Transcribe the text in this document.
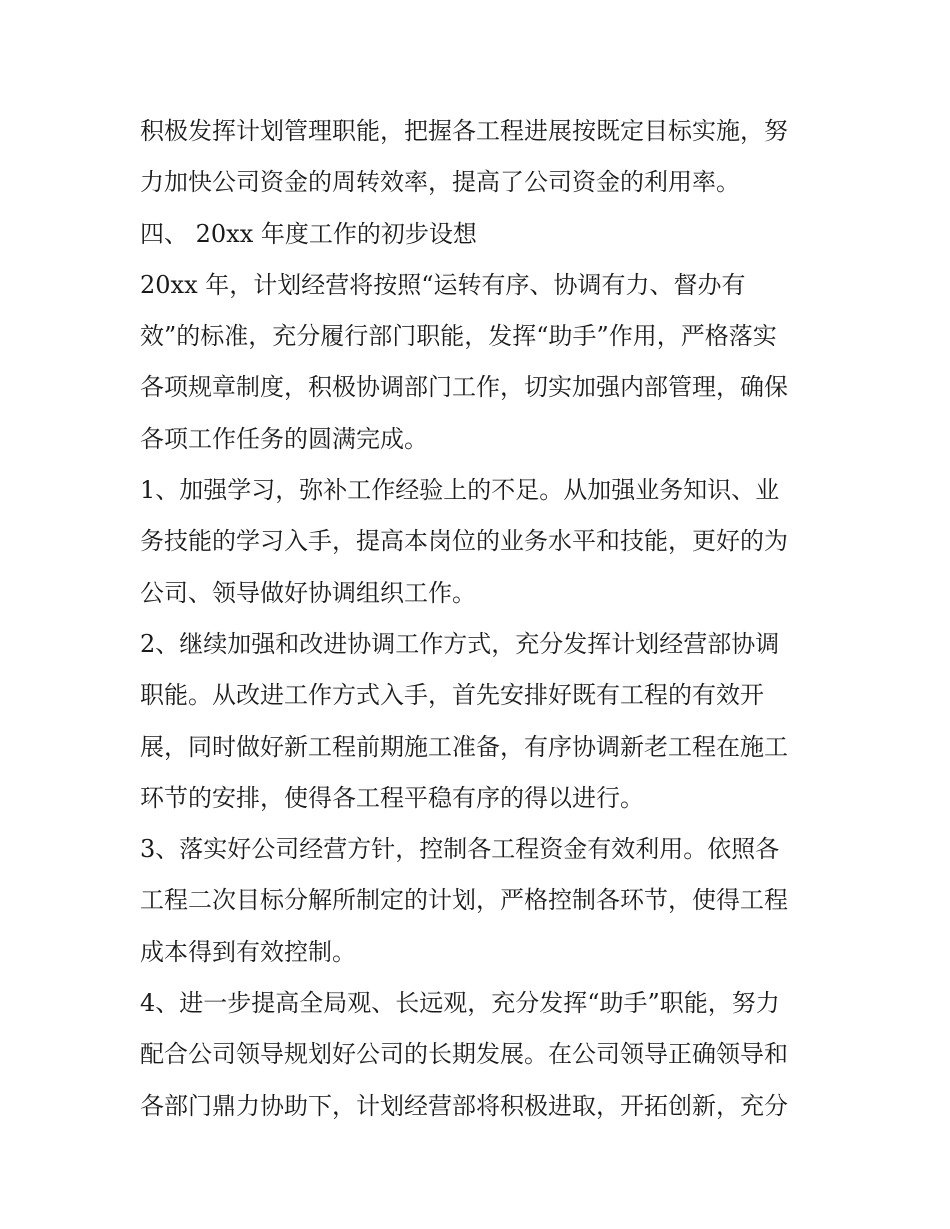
积极发挥计划管理职能，把握各工程进展按既定目标实施，努
力加快公司资金的周转效率，提高了公司资金的利用率。
四、 20xx 年度工作的初步设想
20xx 年，计划经营将按照“运转有序、协调有力、督办有
效”的标准，充分履行部门职能，发挥“助手”作用，严格落实
各项规章制度，积极协调部门工作，切实加强内部管理，确保
各项工作任务的圆满完成。
1、加强学习，弥补工作经验上的不足。从加强业务知识、业
务技能的学习入手，提高本岗位的业务水平和技能，更好的为
公司、领导做好协调组织工作。
2、继续加强和改进协调工作方式，充分发挥计划经营部协调
职能。从改进工作方式入手，首先安排好既有工程的有效开
展，同时做好新工程前期施工准备，有序协调新老工程在施工
环节的安排，使得各工程平稳有序的得以进行。
3、落实好公司经营方针，控制各工程资金有效利用。依照各
工程二次目标分解所制定的计划，严格控制各环节，使得工程
成本得到有效控制。
4、进一步提高全局观、长远观，充分发挥“助手”职能，努力
配合公司领导规划好公司的长期发展。在公司领导正确领导和
各部门鼎力协助下，计划经营部将积极进取，开拓创新，充分
